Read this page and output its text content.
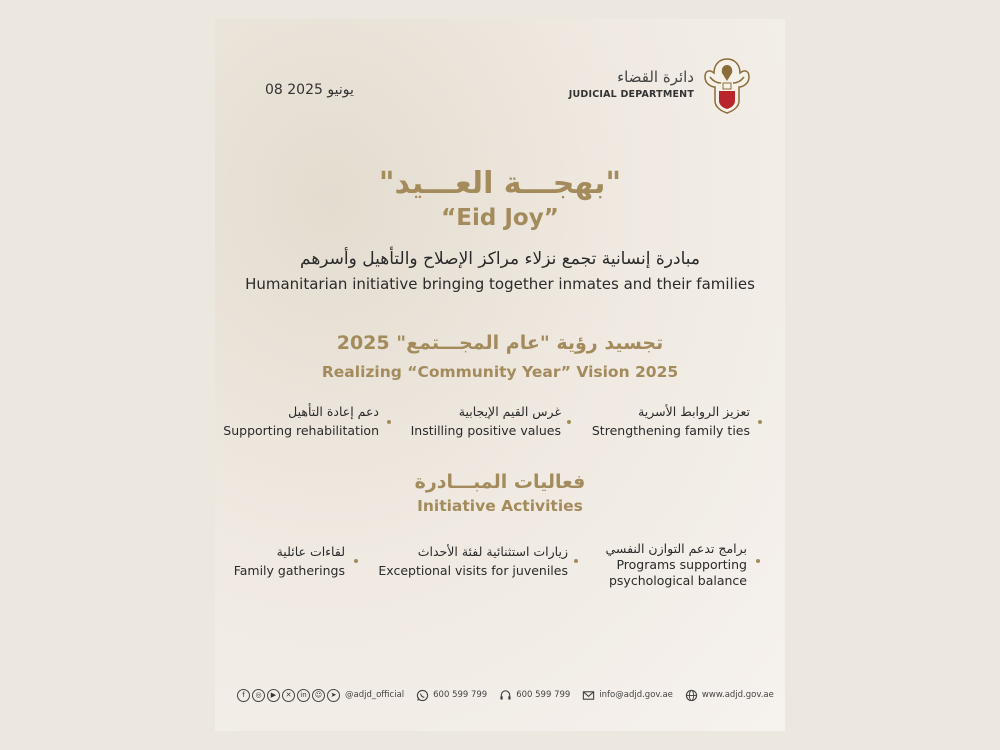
08 يونيو 2025
دائرة القضاء
JUDICIAL DEPARTMENT
"بهجـــة العـــيد"
“Eid Joy”
مبادرة إنسانية تجمع نزلاء مراكز الإصلاح والتأهيل وأسرهم
Humanitarian initiative bringing together inmates and their families
تجسيد رؤية "عام المجـــتمع" 2025
Realizing “Community Year” Vision 2025
تعزيز الروابط الأسرية
Strengthening family ties
غرس القيم الإيجابية
Instilling positive values
دعم إعادة التأهيل
Supporting rehabilitation
فعاليات المبـــادرة
Initiative Activities
برامج تدعم التوازن النفسي
Programs supporting
psychological balance
زيارات استثنائية لفئة الأحداث
Exceptional visits for juveniles
لقاءات عائلية
Family gatherings
f	◎	▶	✕	in	☺	➤	@adjd_official	600 599 799	600 599 799	info@adjd.gov.ae	www.adjd.gov.ae
